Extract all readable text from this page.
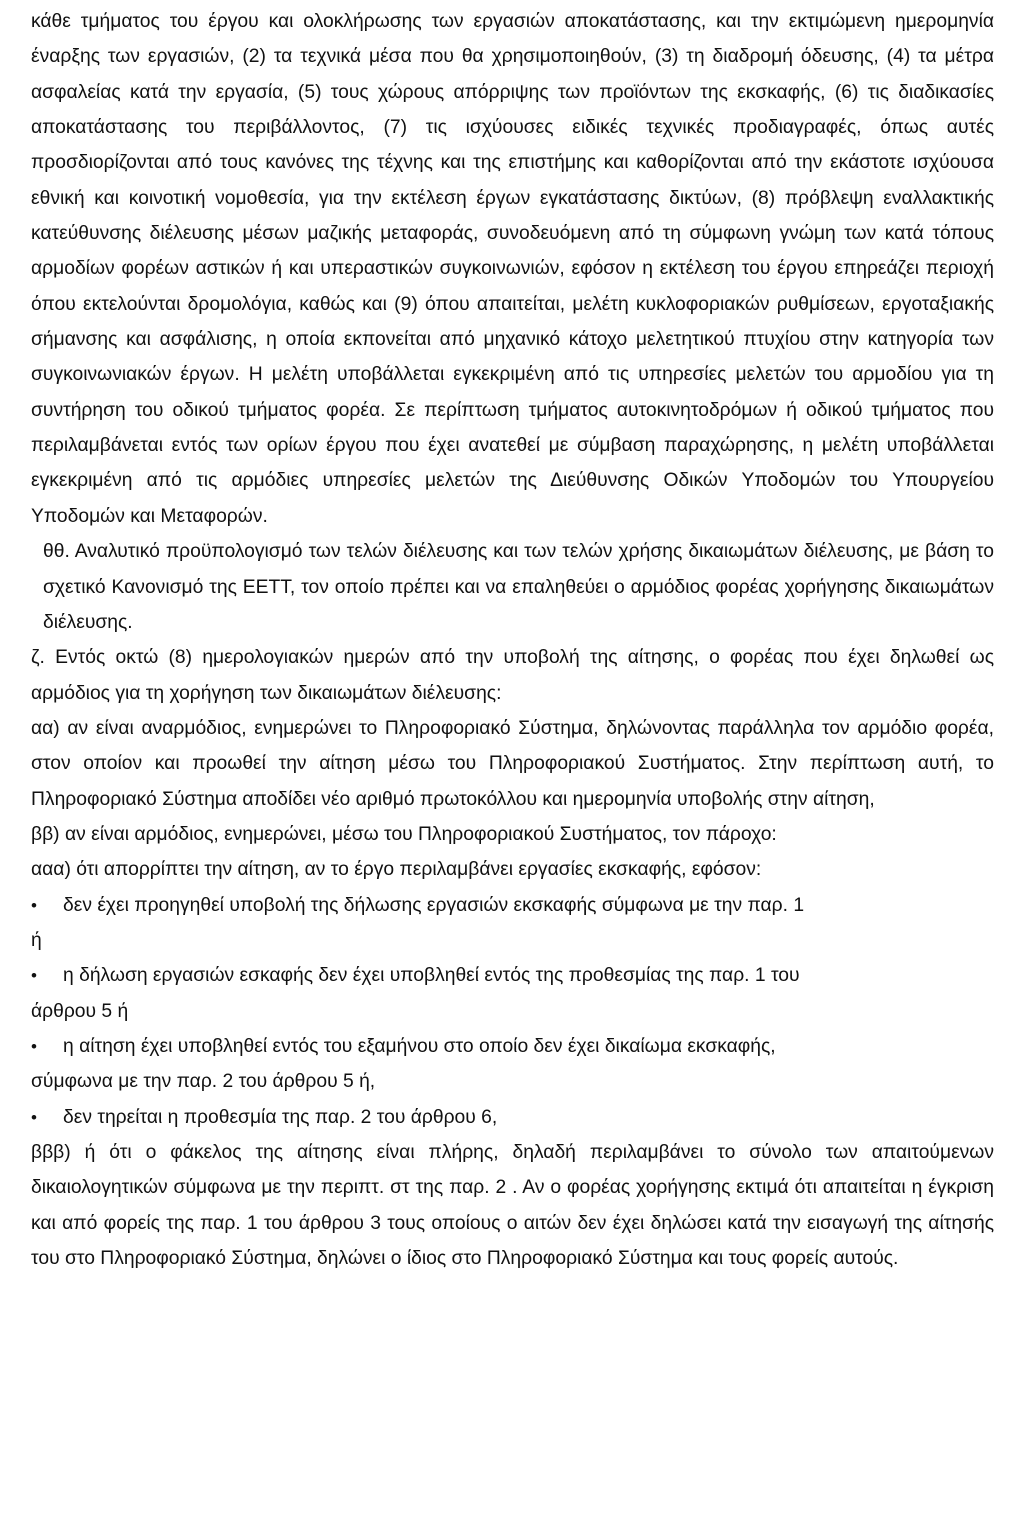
κάθε τμήματος του έργου και ολοκλήρωσης των εργασιών αποκατάστασης, και την εκτιμώμενη ημερομηνία έναρξης των εργασιών, (2) τα τεχνικά μέσα που θα χρησιμοποιηθούν, (3) τη διαδρομή όδευσης, (4) τα μέτρα ασφαλείας κατά την εργασία, (5) τους χώρους απόρριψης των προϊόντων της εκσκαφής, (6) τις διαδικασίες αποκατάστασης του περιβάλλοντος, (7) τις ισχύουσες ειδικές τεχνικές προδιαγραφές, όπως αυτές προσδιορίζονται από τους κανόνες της τέχνης και της επιστήμης και καθορίζονται από την εκάστοτε ισχύουσα εθνική και κοινοτική νομοθεσία, για την εκτέλεση έργων εγκατάστασης δικτύων, (8) πρόβλεψη εναλλακτικής κατεύθυνσης διέλευσης μέσων μαζικής μεταφοράς, συνοδευόμενη από τη σύμφωνη γνώμη των κατά τόπους αρμοδίων φορέων αστικών ή και υπεραστικών συγκοινωνιών, εφόσον η εκτέλεση του έργου επηρεάζει περιοχή όπου εκτελούνται δρομολόγια, καθώς και (9) όπου απαιτείται, μελέτη κυκλοφοριακών ρυθμίσεων, εργοταξιακής σήμανσης και ασφάλισης, η οποία εκπονείται από μηχανικό κάτοχο μελετητικού πτυχίου στην κατηγορία των συγκοινωνιακών έργων. Η μελέτη υποβάλλεται εγκεκριμένη από τις υπηρεσίες μελετών του αρμοδίου για τη συντήρηση του οδικού τμήματος φορέα. Σε περίπτωση τμήματος αυτοκινητοδρόμων ή οδικού τμήματος που περιλαμβάνεται εντός των ορίων έργου που έχει ανατεθεί με σύμβαση παραχώρησης, η μελέτη υποβάλλεται εγκεκριμένη από τις αρμόδιες υπηρεσίες μελετών της Διεύθυνσης Οδικών Υποδομών του Υπουργείου Υποδομών και Μεταφορών.

θθ. Αναλυτικό προϋπολογισμό των τελών διέλευσης και των τελών χρήσης δικαιωμάτων διέλευσης, με βάση το σχετικό Κανονισμό της ΕΕΤΤ, τον οποίο πρέπει και να επαληθεύει ο αρμόδιος φορέας χορήγησης δικαιωμάτων διέλευσης.

ζ. Εντός οκτώ (8) ημερολογιακών ημερών από την υποβολή της αίτησης, ο φορέας που έχει δηλωθεί ως αρμόδιος για τη χορήγηση των δικαιωμάτων διέλευσης:

αα) αν είναι αναρμόδιος, ενημερώνει το Πληροφοριακό Σύστημα, δηλώνοντας παράλληλα τον αρμόδιο φορέα, στον οποίον και προωθεί την αίτηση μέσω του Πληροφοριακού Συστήματος. Στην περίπτωση αυτή, το Πληροφοριακό Σύστημα αποδίδει νέο αριθμό πρωτοκόλλου και ημερομηνία υποβολής στην αίτηση,

ββ) αν είναι αρμόδιος, ενημερώνει, μέσω του Πληροφοριακού Συστήματος, τον πάροχο:

ααα) ότι απορρίπτει την αίτηση, αν το έργο περιλαμβάνει εργασίες εκσκαφής, εφόσον:

•	δεν έχει προηγηθεί υποβολή της δήλωσης εργασιών εκσκαφής σύμφωνα με την παρ. 1
ή
•	η δήλωση εργασιών εσκαφής δεν έχει υποβληθεί εντός της προθεσμίας της παρ. 1 του
άρθρου 5 ή
•	η αίτηση έχει υποβληθεί εντός του εξαμήνου στο οποίο δεν έχει δικαίωμα εκσκαφής,
σύμφωνα με την παρ. 2 του άρθρου 5 ή,
•	δεν τηρείται η προθεσμία της παρ. 2 του άρθρου 6,

βββ) ή ότι ο φάκελος της αίτησης είναι πλήρης, δηλαδή περιλαμβάνει το σύνολο των απαιτούμενων δικαιολογητικών σύμφωνα με την περιπτ. στ της παρ. 2 . Αν ο φορέας χορήγησης εκτιμά ότι απαιτείται η έγκριση και από φορείς της παρ. 1 του άρθρου 3 τους οποίους ο αιτών δεν έχει δηλώσει κατά την εισαγωγή της αίτησής του στο Πληροφοριακό Σύστημα, δηλώνει ο ίδιος στο Πληροφοριακό Σύστημα και τους φορείς αυτούς.
